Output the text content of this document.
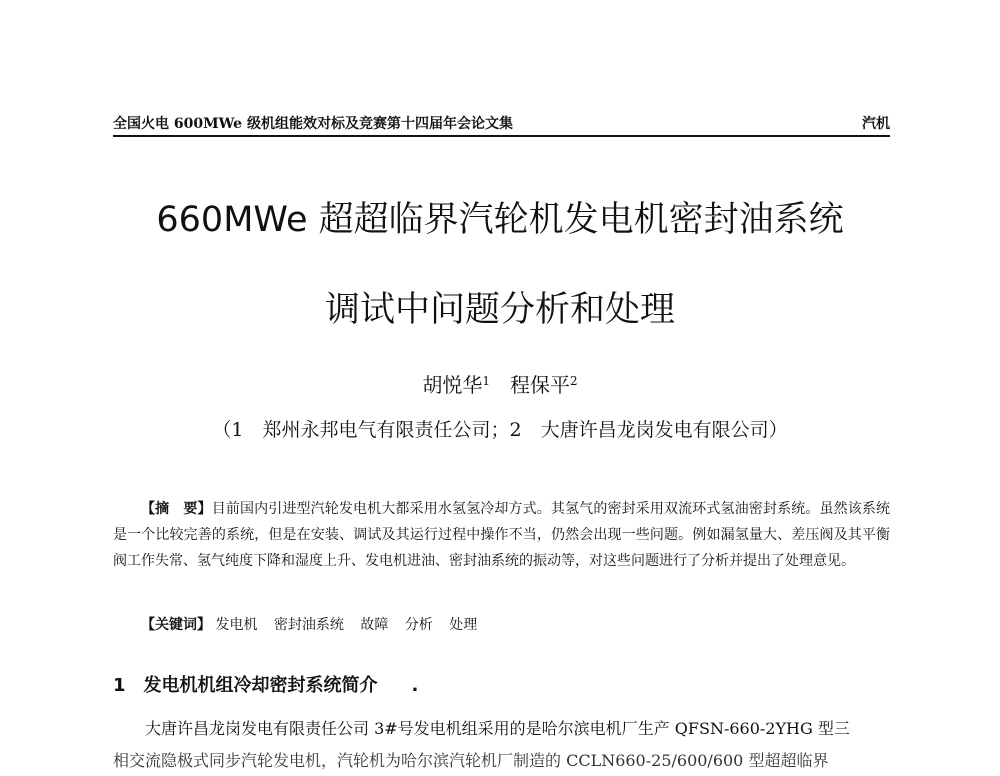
全国火电 600MWe 级机组能效对标及竞赛第十四届年会论文集	汽机
660MWe 超超临界汽轮机发电机密封油系统
调试中问题分析和处理
胡悦华$^1$ 程保平$^2$
（1　郑州永邦电气有限责任公司；2　大唐许昌龙岗发电有限公司）
【摘　要】目前国内引进型汽轮发电机大都采用水氢氢冷却方式。其氢气的密封采用双流环式氢油密封系统。虽然该系统是一个比较完善的系统，但是在安装、调试及其运行过程中操作不当，仍然会出现一些问题。例如漏氢量大、差压阀及其平衡阀工作失常、氢气纯度下降和湿度上升、发电机进油、密封油系统的振动等，对这些问题进行了分析并提出了处理意见。
【关键词】 发电机 密封油系统 故障 分析 处理
1 发电机机组冷却密封系统简介 .
大唐许昌龙岗发电有限责任公司 3#号发电机组采用的是哈尔滨电机厂生产 QFSN-660-2YHG 型三
相交流隐极式同步汽轮发电机，汽轮机为哈尔滨汽轮机厂制造的 CCLN660-25/600/600 型超超临界
